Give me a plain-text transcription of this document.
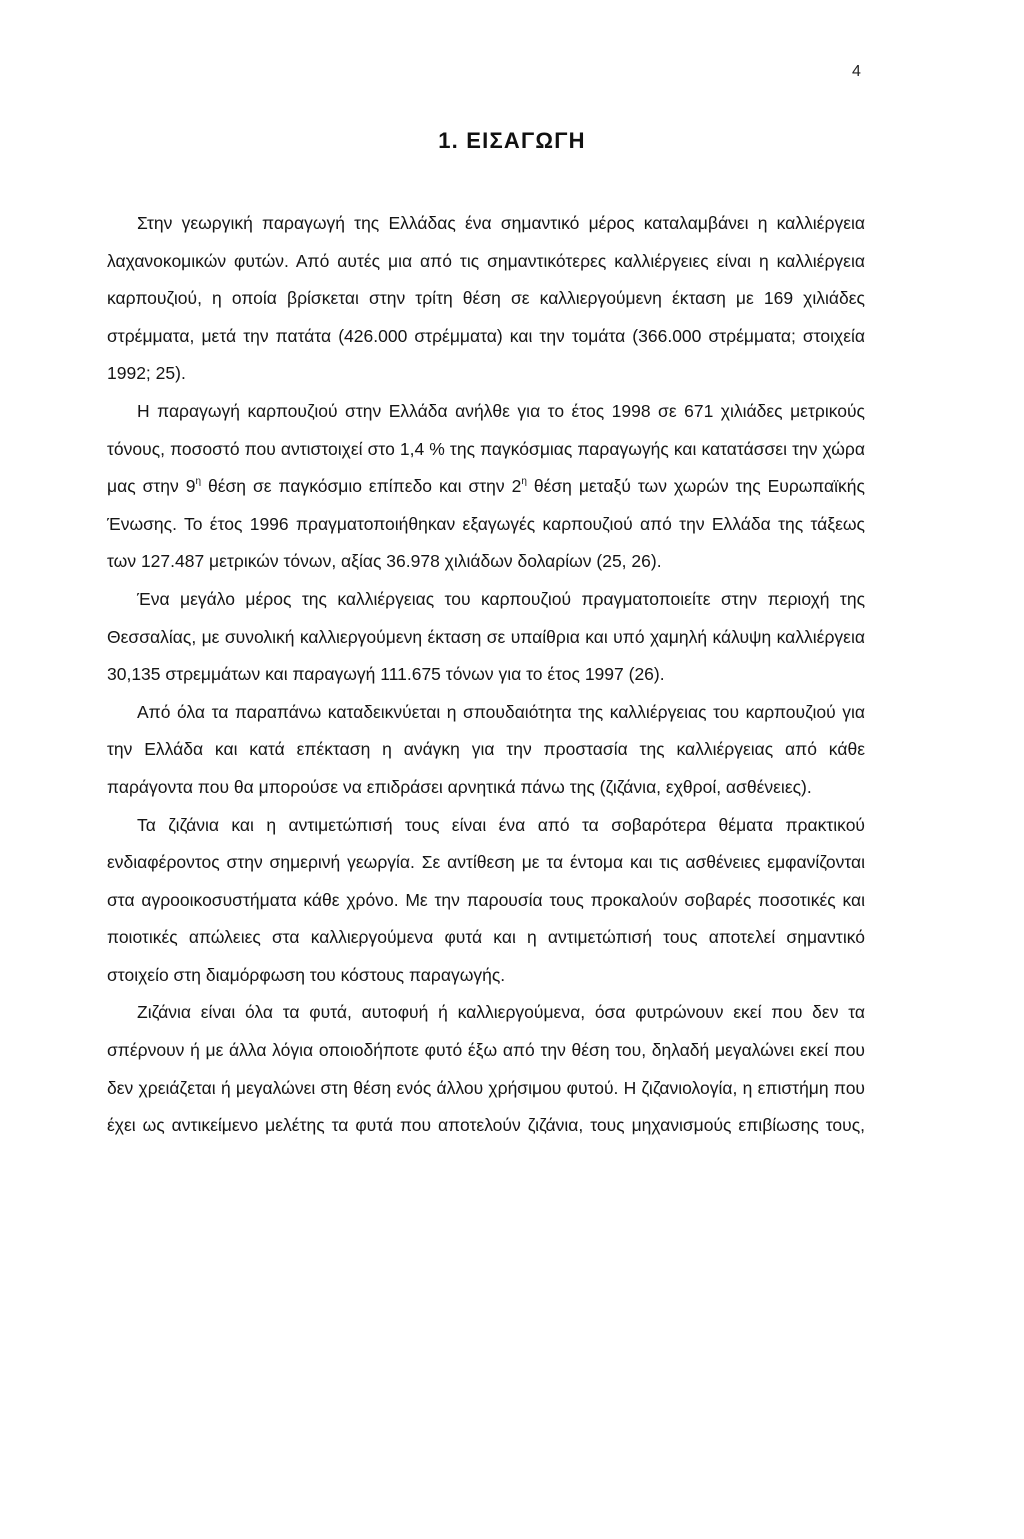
4
1. ΕΙΣΑΓΩΓΗ

Στην γεωργική παραγωγή της Ελλάδας ένα σημαντικό μέρος καταλαμβάνει η καλλιέργεια λαχανοκομικών φυτών. Από αυτές μια από τις σημαντικότερες καλλιέργειες είναι η καλλιέργεια καρπουζιού, η οποία βρίσκεται στην τρίτη θέση σε καλλιεργούμενη έκταση με 169 χιλιάδες στρέμματα, μετά την πατάτα (426.000 στρέμματα) και την τομάτα (366.000 στρέμματα; στοιχεία 1992; 25).

Η παραγωγή καρπουζιού στην Ελλάδα ανήλθε για το έτος 1998 σε 671 χιλιάδες μετρικούς τόνους, ποσοστό που αντιστοιχεί στο 1,4 % της παγκόσμιας παραγωγής και κατατάσσει την χώρα μας στην $9^\eta$ θέση σε παγκόσμιο επίπεδο και στην $2^\eta$ θέση μεταξύ των χωρών της Ευρωπαϊκής Ένωσης. Το έτος 1996 πραγματοποιήθηκαν εξαγωγές καρπουζιού από την Ελλάδα της τάξεως των 127.487 μετρικών τόνων, αξίας 36.978 χιλιάδων δολαρίων (25, 26).

Ένα μεγάλο μέρος της καλλιέργειας του καρπουζιού πραγματοποιείτε στην περιοχή της Θεσσαλίας, με συνολική καλλιεργούμενη έκταση σε υπαίθρια και υπό χαμηλή κάλυψη καλλιέργεια 30,135 στρεμμάτων και παραγωγή 111.675 τόνων για το έτος 1997 (26).

Από όλα τα παραπάνω καταδεικνύεται η σπουδαιότητα της καλλιέργειας του καρπουζιού για την Ελλάδα και κατά επέκταση η ανάγκη για την προστασία της καλλιέργειας από κάθε παράγοντα που θα μπορούσε να επιδράσει αρνητικά πάνω της (ζιζάνια, εχθροί, ασθένειες).

Τα ζιζάνια και η αντιμετώπισή τους είναι ένα από τα σοβαρότερα θέματα πρακτικού ενδιαφέροντος στην σημερινή γεωργία. Σε αντίθεση με τα έντομα και τις ασθένειες εμφανίζονται στα αγροοικοσυστήματα κάθε χρόνο. Με την παρουσία τους προκαλούν σοβαρές ποσοτικές και ποιοτικές απώλειες στα καλλιεργούμενα φυτά και η αντιμετώπισή τους αποτελεί σημαντικό στοιχείο στη διαμόρφωση του κόστους παραγωγής.

Ζιζάνια είναι όλα τα φυτά, αυτοφυή ή καλλιεργούμενα, όσα φυτρώνουν εκεί που δεν τα σπέρνουν ή με άλλα λόγια οποιοδήποτε φυτό έξω από την θέση του, δηλαδή μεγαλώνει εκεί που δεν χρειάζεται ή μεγαλώνει στη θέση ενός άλλου χρήσιμου φυτού. Η ζιζανιολογία, η επιστήμη που έχει ως αντικείμενο μελέτης τα φυτά που αποτελούν ζιζάνια, τους μηχανισμούς επιβίωσης τους,
